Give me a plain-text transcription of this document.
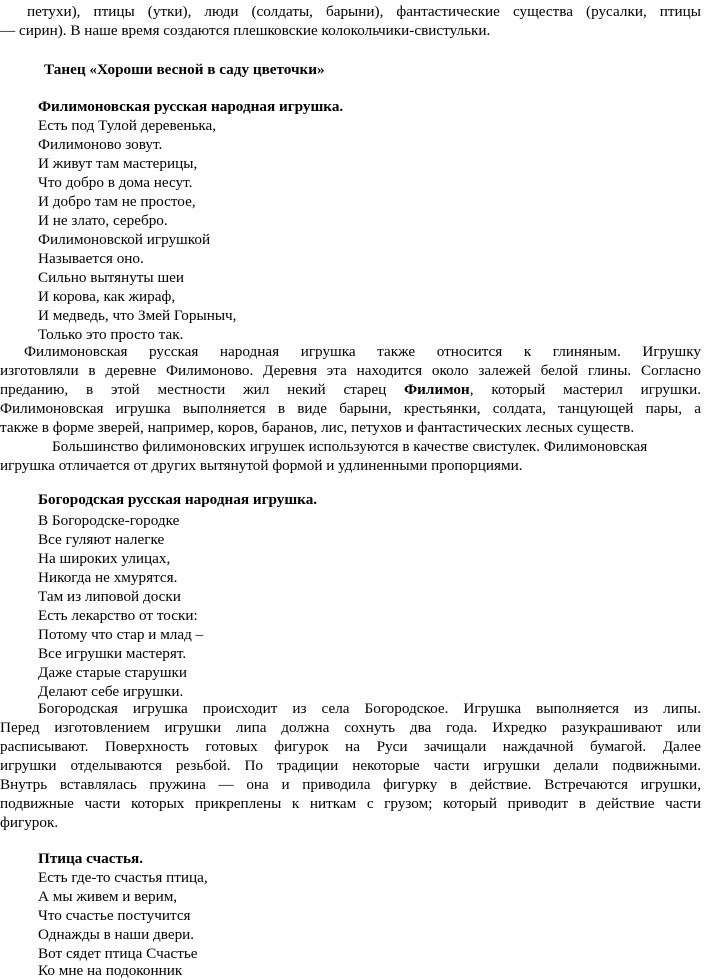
петухи), птицы (утки), люди (солдаты, барыни), фантастические существа (русалки, птицы
— сирин). В наше время создаются плешковские колокольчики-свистульки.
Танец «Хороши весной в саду цветочки»
Филимоновская русская народная игрушка.
Есть под Тулой деревенька,
Филимоново зовут.
И живут там мастерицы,
Что добро в дома несут.
И добро там не простое,
И не злато, серебро.
Филимоновской игрушкой
Называется оно.
Сильно вытянуты шеи
И корова, как жираф,
И медведь, что Змей Горыныч,
Только это просто так.
Филимоновская русская народная игрушка также относится к глиняным. Игрушку
изготовляли в деревне Филимоново. Деревня эта находится около залежей белой глины. Согласно
преданию, в этой местности жил некий старец Филимон, который мастерил игрушки.
Филимоновская игрушка выполняется в виде барыни, крестьянки, солдата, танцующей пары, а
также в форме зверей, например, коров, баранов, лис, петухов и фантастических лесных существ.
Большинство филимоновских игрушек используются в качестве свистулек. Филимоновская
игрушка отличается от других вытянутой формой и удлиненными пропорциями.
Богородская русская народная игрушка.
В Богородске-городке
Все гуляют налегке
На широких улицах,
Никогда не хмурятся.
Там из липовой доски
Есть лекарство от тоски:
Потому что стар и млад –
Все игрушки мастерят.
Даже старые старушки
Делают себе игрушки.
Богородская игрушка происходит из села Богородское. Игрушка выполняется из липы.
Перед изготовлением игрушки липа должна сохнуть два года. Ихредко разукрашивают или
расписывают. Поверхность готовых фигурок на Руси зачищали наждачной бумагой. Далее
игрушки отделываются резьбой. По традиции некоторые части игрушки делали подвижными.
Внутрь вставлялась пружина — она и приводила фигурку в действие. Встречаются игрушки,
подвижные части которых прикреплены к ниткам с грузом; который приводит в действие части
фигурок.
Птица счастья.
Есть где-то счастья птица,
А мы живем и верим,
Что счастье постучится
Однажды в наши двери.
Вот сядет птица Счастье
Ко мне на подоконник
